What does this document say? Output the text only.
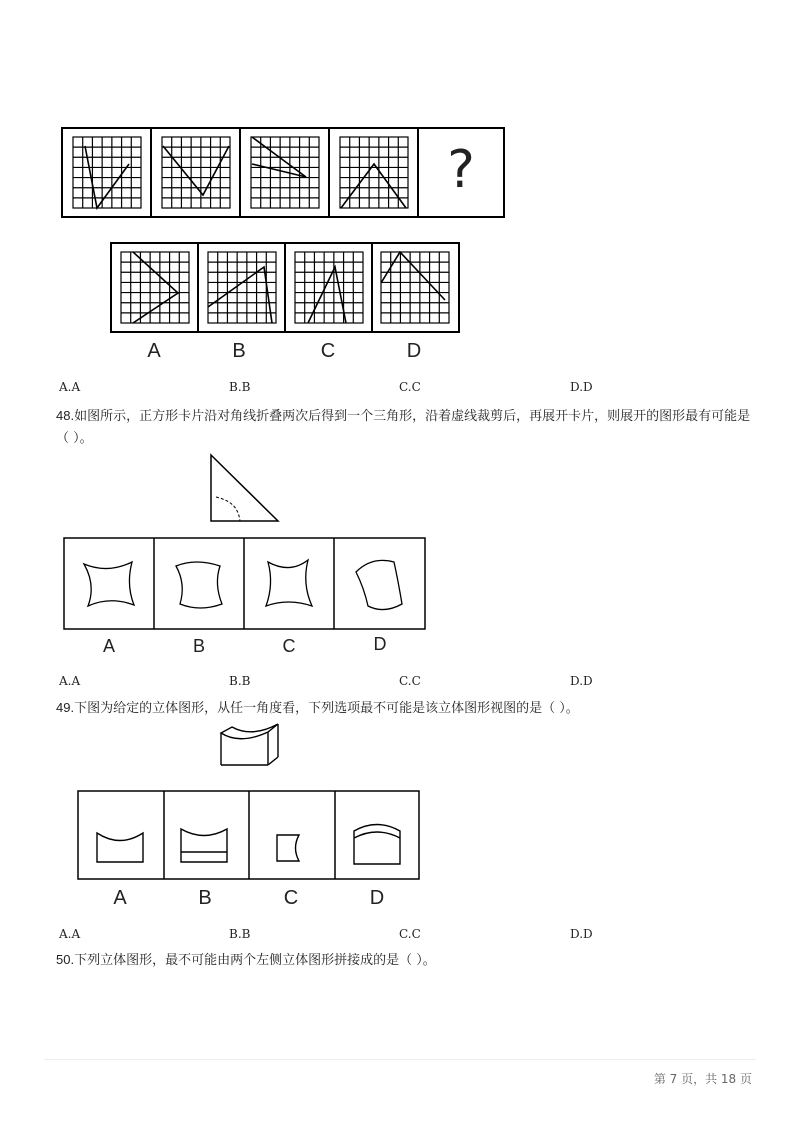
?
A	B	C	D
A.A	B.B	C.C	D.D
48.如图所示，正方形卡片沿对角线折叠两次后得到一个三角形，沿着虚线裁剪后，再展开卡片，则展开的图形最有可能是（ ）。
A	B	C	D
A.A	B.B	C.C	D.D
49.下图为给定的立体图形，从任一角度看，下列选项最不可能是该立体图形视图的是（ ）。
A	B	C	D
A.A	B.B	C.C	D.D
50.下列立体图形，最不可能由两个左侧立体图形拼接成的是（ ）。
第 7 页，共 18 页
